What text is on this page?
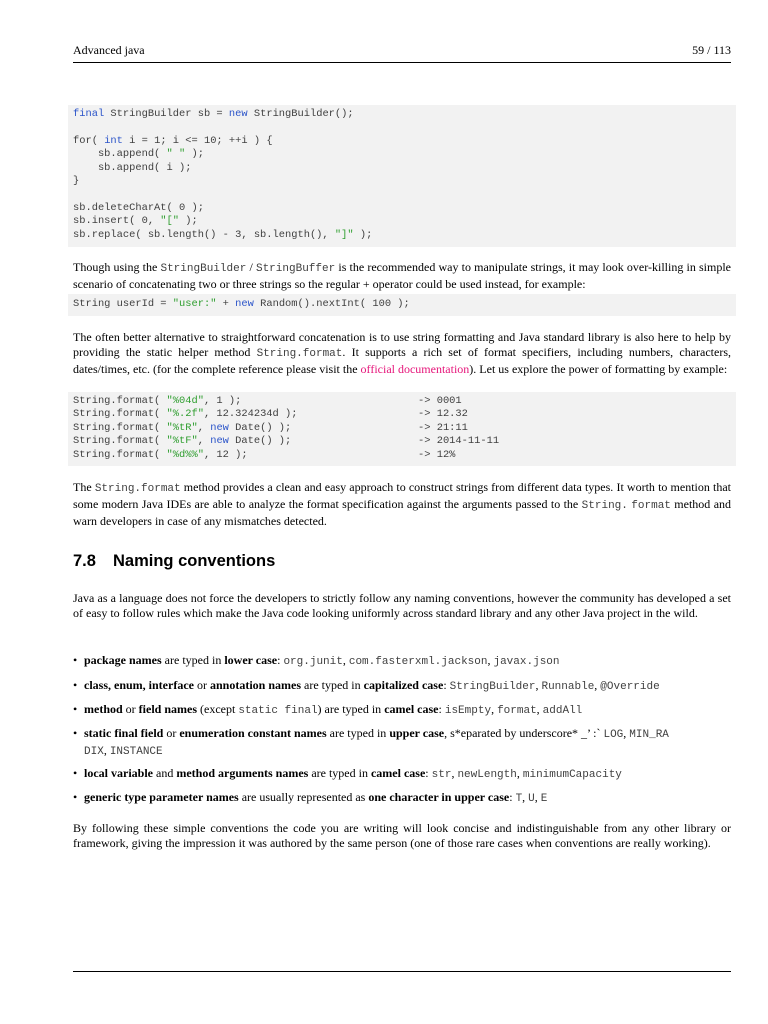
Advanced java	59 / 113
final StringBuilder sb = new StringBuilder();
for( int i = 1; i <= 10; ++i ) {
sb.append( " " );
sb.append( i );
}
sb.deleteCharAt( 0 );
sb.insert( 0, "[" );
sb.replace( sb.length() - 3, sb.length(), "]" );

Though using the StringBuilder / StringBuffer is the recommended way to manipulate strings, it may look over-killing in simple scenario of concatenating two or three strings so the regular + operator could be used instead, for example:

String userId = "user:" + new Random().nextInt( 100 );

The often better alternative to straightforward concatenation is to use string formatting and Java standard library is also here to help by providing the static helper method String.format. It supports a rich set of format specifiers, including numbers, characters, dates/times, etc. (for the complete reference please visit the official documentation). Let us explore the power of formatting by example:

String.format( "%04d", 1 );	-> 0001
String.format( "%.2f", 12.324234d );	-> 12.32
String.format( "%tR", new Date() );	-> 21:11
String.format( "%tF", new Date() );	-> 2014-11-11
String.format( "%d%%", 12 );	-> 12%

The String.format method provides a clean and easy approach to construct strings from different data types. It worth to mention that some modern Java IDEs are able to analyze the format specification against the arguments passed to the String. format method and warn developers in case of any mismatches detected.

7.8 Naming conventions

Java as a language does not force the developers to strictly follow any naming conventions, however the community has developed a set of easy to follow rules which make the Java code looking uniformly across standard library and any other Java project in the wild.

• package names are typed in lower case: org.junit, com.fasterxml.jackson, javax.json
• class, enum, interface or annotation names are typed in capitalized case: StringBuilder, Runnable, @Override
• method or field names (except static final) are typed in camel case: isEmpty, format, addAll
• static final field or enumeration constant names are typed in upper case, s*eparated by underscore* _’ :` LOG, MIN_RA
DIX, INSTANCE
• local variable and method arguments names are typed in camel case: str, newLength, minimumCapacity
• generic type parameter names are usually represented as one character in upper case: T, U, E

By following these simple conventions the code you are writing will look concise and indistinguishable from any other library or framework, giving the impression it was authored by the same person (one of those rare cases when conventions are really working).
